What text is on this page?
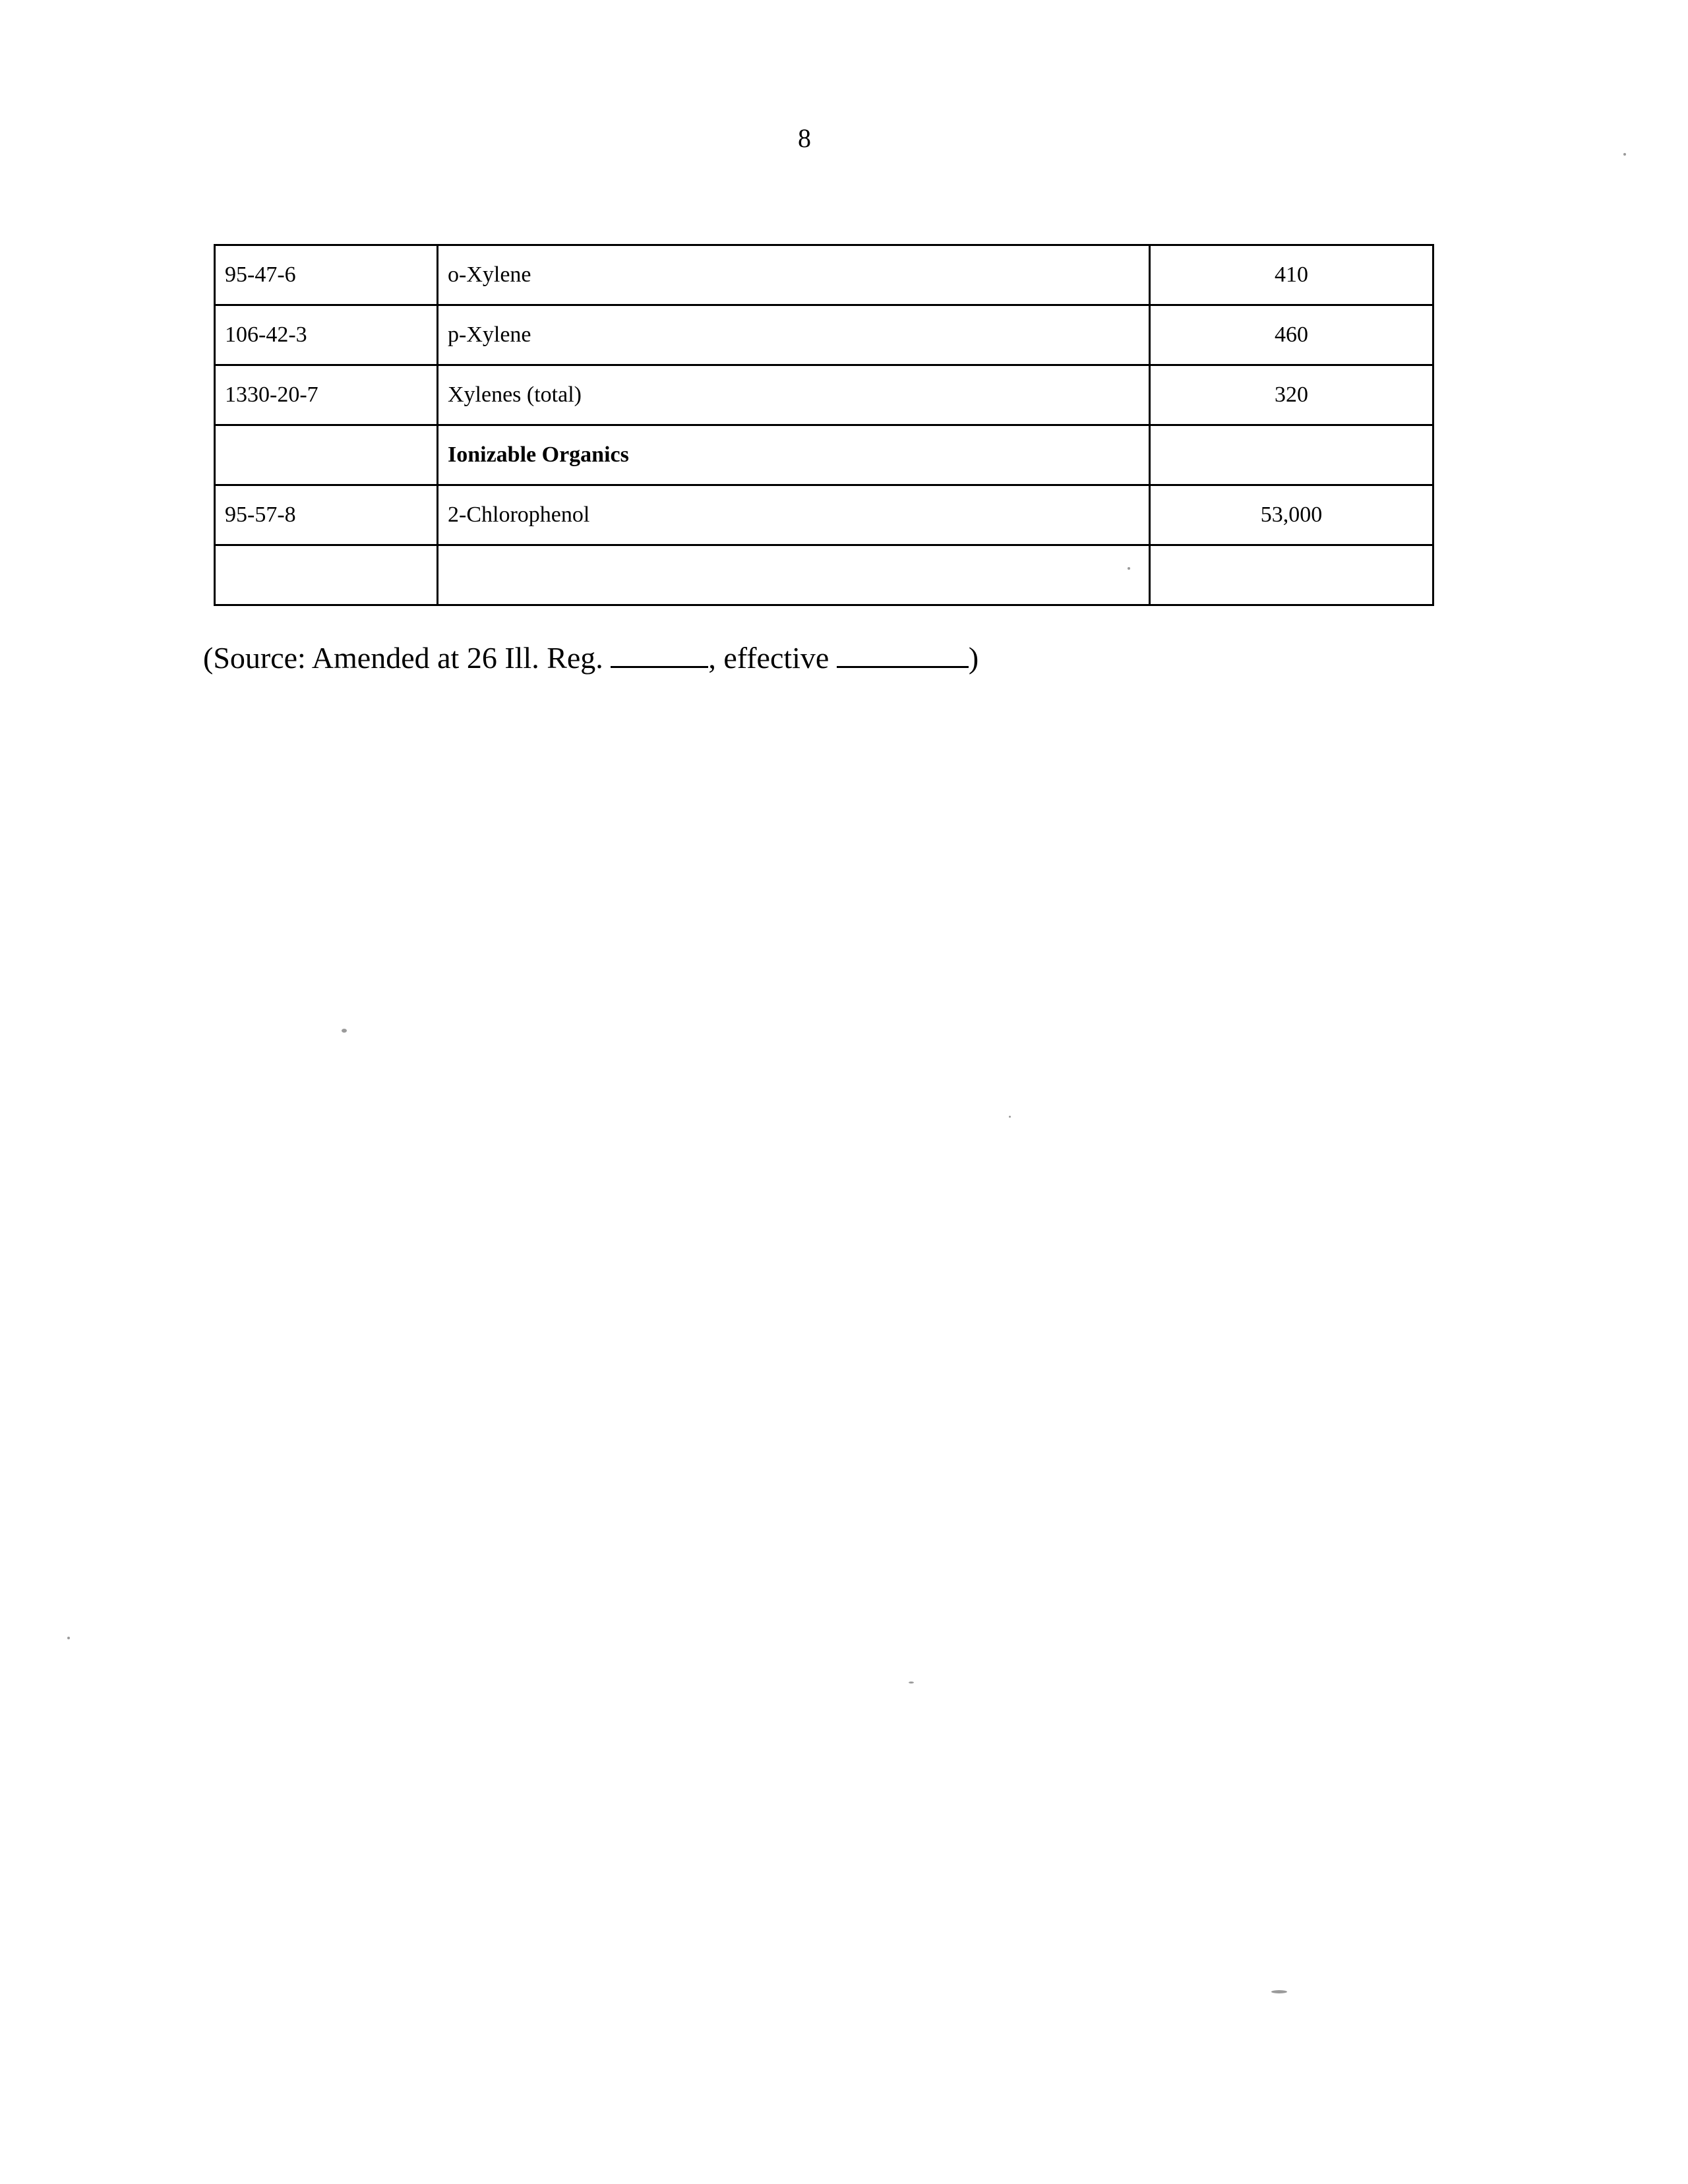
8
95-47-6	o-Xylene	410
106-42-3	p-Xylene	460
1330-20-7	Xylenes (total)	320
	Ionizable Organics	
95-57-8	2-Chlorophenol	53,000

(Source: Amended at 26 Ill. Reg.	, effective	)
